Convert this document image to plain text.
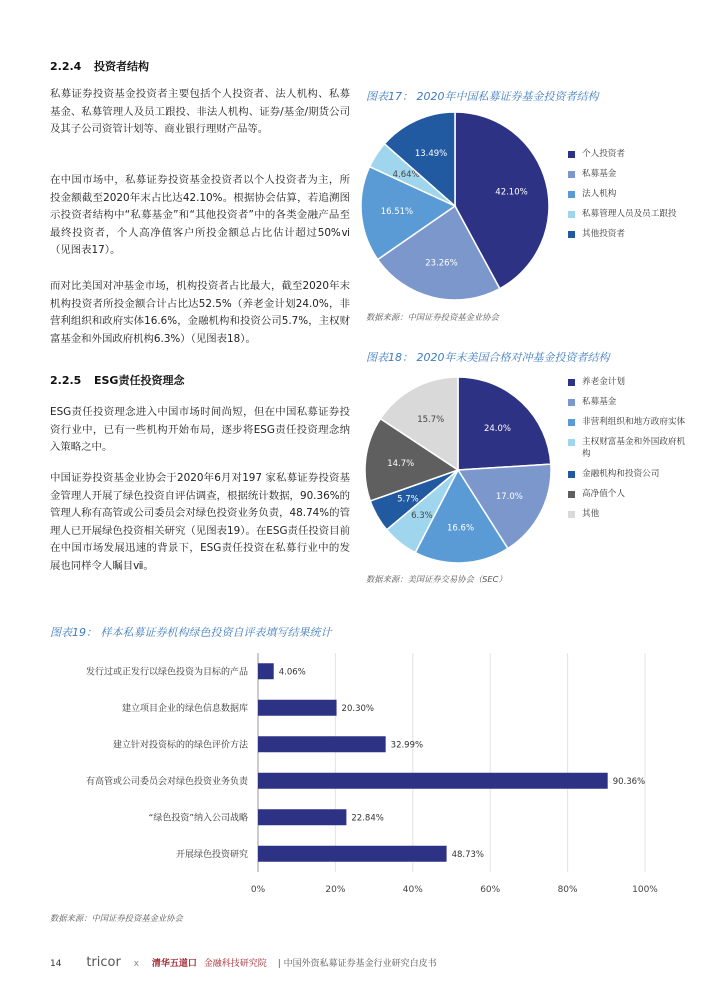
2.2.4 投资者结构
私募证券投资基金投资者主要包括个人投资者、法人机构、私募基金、私募管理人及员工跟投、非法人机构、证券/基金/期货公司及其子公司资管计划等、商业银行理财产品等。
在中国市场中，私募证券投资基金投资者以个人投资者为主，所投金额截至2020年末占比达42.10%。根据协会估算，若追溯图示投资者结构中“私募基金”和“其他投资者”中的各类金融产品至最终投资者，个人高净值客户所投金额总占比估计超过50%ⅵ（见图表17）。
而对比美国对冲基金市场，机构投资者占比最大，截至2020年末机构投资者所投金额合计占比达52.5%（养老金计划24.0%，非营利组织和政府实体16.6%，金融机构和投资公司5.7%，主权财富基金和外国政府机构6.3%）（见图表18）。
2.2.5 ESG责任投资理念
ESG责任投资理念进入中国市场时间尚短，但在中国私募证券投资行业中，已有一些机构开始布局，逐步将ESG责任投资理念纳入策略之中。
中国证券投资基金业协会于2020年6月对197 家私募证券投资基金管理人开展了绿色投资自评估调查，根据统计数据，90.36%的管理人称有高管或公司委员会对绿色投资业务负责，48.74%的管理人已开展绿色投资相关研究（见图表19）。在ESG责任投资目前在中国市场发展迅速的背景下，ESG责任投资在私募行业中的发展也同样令人瞩目ⅶ。
图表17： 2020年中国私募证券基金投资者结构
42.10%
23.26%
16.51%
4.64%
13.49%	个人投资者
私募基金
法人机构
私募管理人员及员工跟投
其他投资者
数据来源：中国证券投资基金业协会
图表18： 2020年末美国合格对冲基金投资者结构
24.0%
17.0%
16.6%
6.3%
5.7%
14.7%
15.7%
养老金计划
私募基金
非营利组织和地方政府实体
主权财富基金和外国政府机构
金融机构和投资公司
高净值个人
其他
数据来源：美国证券交易协会（SEC）
图表19： 样本私募证券机构绿色投资自评表填写结果统计
0%	20%	40%	60%	80%	100%
发行过或正发行以绿色投资为目标的产品	4.06%
建立项目企业的绿色信息数据库	20.30%
建立针对投资标的的绿色评价方法	32.99%
有高管或公司委员会对绿色投资业务负责	90.36%
“绿色投资”纳入公司战略	22.84%
开展绿色投资研究	48.73%
数据来源：中国证券投资基金业协会
14 tricor x 清华五道口 金融科技研究院 | 中国外资私募证券基金行业研究白皮书
